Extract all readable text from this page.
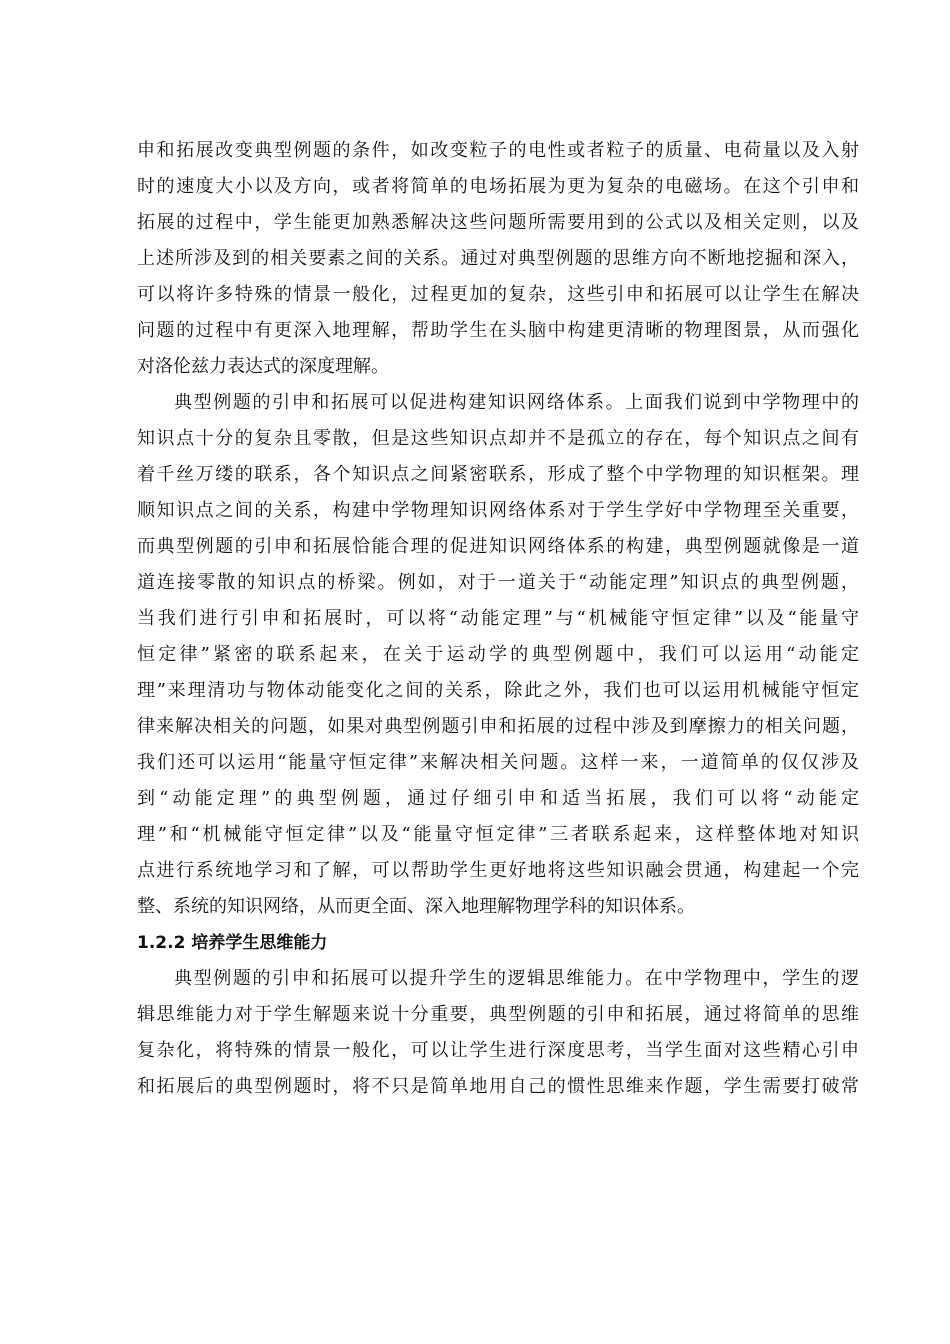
申和拓展改变典型例题的条件，如改变粒子的电性或者粒子的质量、电荷量以及入射
时的速度大小以及方向，或者将简单的电场拓展为更为复杂的电磁场。在这个引申和
拓展的过程中，学生能更加熟悉解决这些问题所需要用到的公式以及相关定则，以及
上述所涉及到的相关要素之间的关系。通过对典型例题的思维方向不断地挖掘和深入，
可以将许多特殊的情景一般化，过程更加的复杂，这些引申和拓展可以让学生在解决
问题的过程中有更深入地理解，帮助学生在头脑中构建更清晰的物理图景，从而强化
对洛伦兹力表达式的深度理解。
典型例题的引申和拓展可以促进构建知识网络体系。上面我们说到中学物理中的
知识点十分的复杂且零散，但是这些知识点却并不是孤立的存在，每个知识点之间有
着千丝万缕的联系，各个知识点之间紧密联系，形成了整个中学物理的知识框架。理
顺知识点之间的关系，构建中学物理知识网络体系对于学生学好中学物理至关重要，
而典型例题的引申和拓展恰能合理的促进知识网络体系的构建，典型例题就像是一道
道连接零散的知识点的桥梁。例如，对于一道关于“动能定理”知识点的典型例题，
当我们进行引申和拓展时，可以将“动能定理”与“机械能守恒定律”以及“能量守
恒定律”紧密的联系起来，在关于运动学的典型例题中，我们可以运用“动能定
理”来理清功与物体动能变化之间的关系，除此之外，我们也可以运用机械能守恒定
律来解决相关的问题，如果对典型例题引申和拓展的过程中涉及到摩擦力的相关问题，
我们还可以运用“能量守恒定律”来解决相关问题。这样一来，一道简单的仅仅涉及
到“动能定理”的典型例题，通过仔细引申和适当拓展，我们可以将“动能定
理”和“机械能守恒定律”以及“能量守恒定律”三者联系起来，这样整体地对知识
点进行系统地学习和了解，可以帮助学生更好地将这些知识融会贯通，构建起一个完
整、系统的知识网络，从而更全面、深入地理解物理学科的知识体系。
1.2.2 培养学生思维能力
典型例题的引申和拓展可以提升学生的逻辑思维能力。在中学物理中，学生的逻
辑思维能力对于学生解题来说十分重要，典型例题的引申和拓展，通过将简单的思维
复杂化，将特殊的情景一般化，可以让学生进行深度思考，当学生面对这些精心引申
和拓展后的典型例题时，将不只是简单地用自己的惯性思维来作题，学生需要打破常
